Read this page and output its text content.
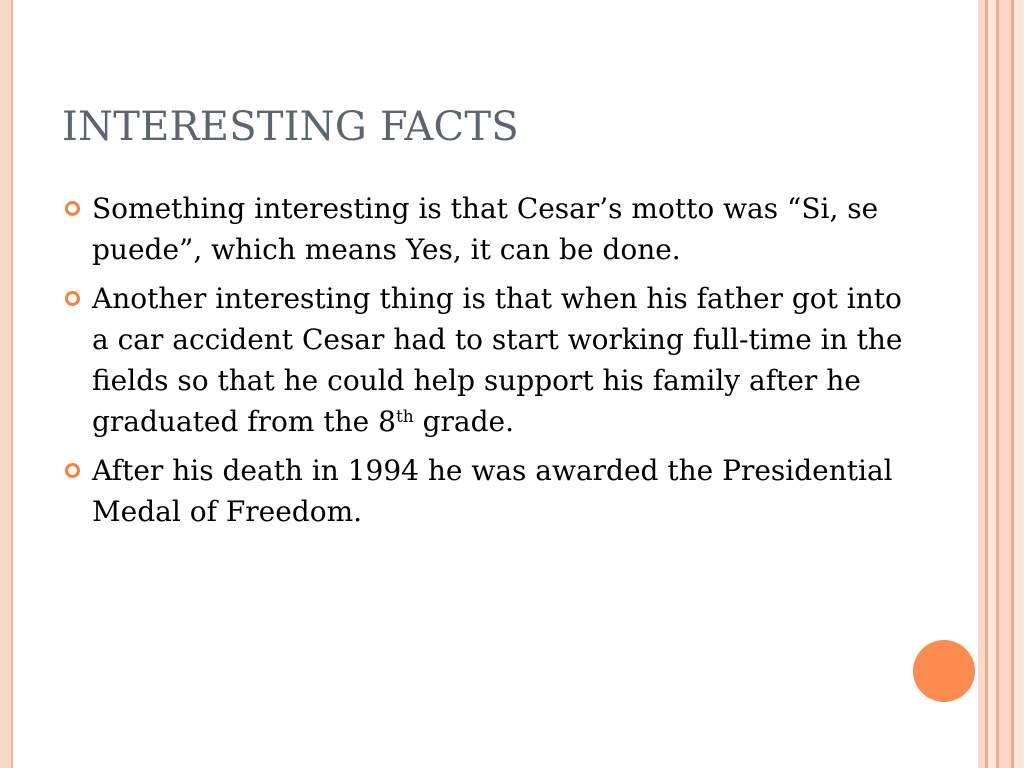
INTERESTING FACTS
Something interesting is that Cesar’s motto was “Si, se puede”, which means Yes, it can be done.
Another interesting thing is that when his father got into a car accident Cesar had to start working full-time in the fields so that he could help support his family after he graduated from the 8th grade.
After his death in 1994 he was awarded the Presidential Medal of Freedom.
